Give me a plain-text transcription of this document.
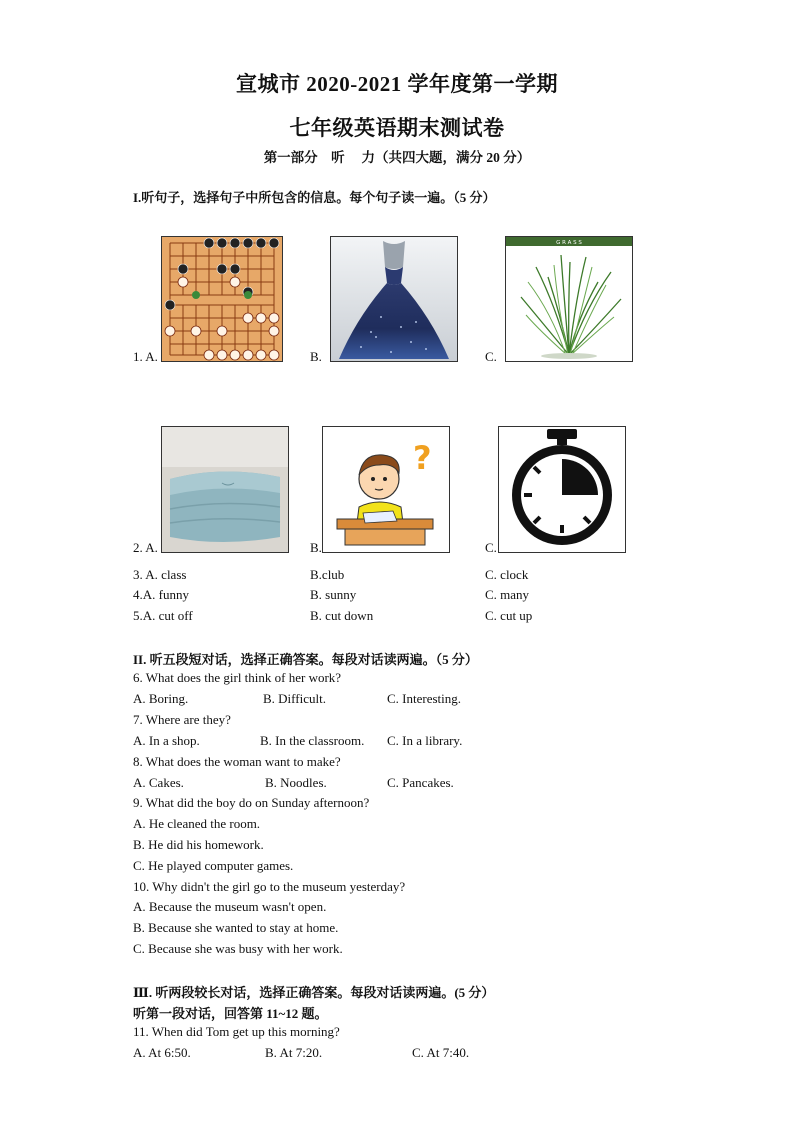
宣城市 2020-2021 学年度第一学期
七年级英语期末测试卷
第一部分　听　 力（共四大题，满分 20 分）
I.听句子，选择句子中所包含的信息。每个句子读一遍。（5 分）
1. A.	B.	C.
G R A S S
2. A.	B.
?
C.
3. A. class	B.club	C. clock
4.A. funny	B. sunny	C. many
5.A. cut off	B. cut down	C. cut up
II. 听五段短对话，选择正确答案。每段对话读两遍。（5 分）
6. What does the girl think of her work?
A. Boring.	B. Difficult.	C. Interesting.
7. Where are they?
A. In a shop.	B. In the classroom. C. In a library.
8. What does the woman want to make?
A. Cakes.	B. Noodles.	C. Pancakes.
9. What did the boy do on Sunday afternoon?
A. He cleaned the room.
B. He did his homework.
C. He played computer games.
10. Why didn't the girl go to the museum yesterday?
A. Because the museum wasn't open.
B. Because she wanted to stay at home.
C. Because she was busy with her work.
Ⅲ. 听两段较长对话，选择正确答案。每段对话读两遍。(5 分）
听第一段对话，回答第 11~12 题。
11. When did Tom get up this morning?
A. At 6:50.	B. At 7:20.	C. At 7:40.
